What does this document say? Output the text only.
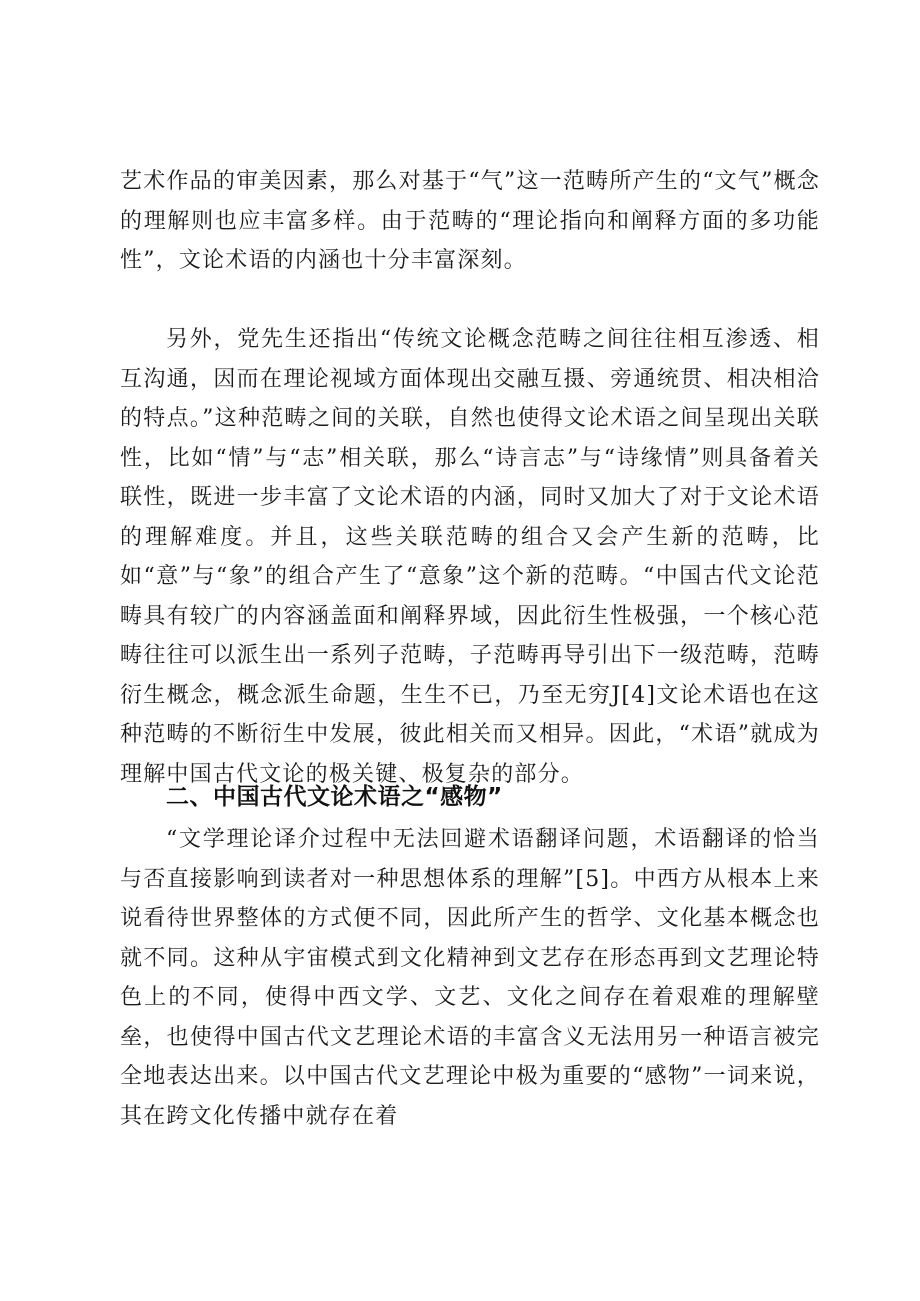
艺术作品的审美因素，那么对基于“气”这一范畴所产生的“文气”概念的理解则也应丰富多样。由于范畴的“理论指向和阐释方面的多功能性”，文论术语的内涵也十分丰富深刻。

另外，党先生还指出“传统文论概念范畴之间往往相互渗透、相互沟通，因而在理论视域方面体现出交融互摄、旁通统贯、相决相洽的特点。”这种范畴之间的关联，自然也使得文论术语之间呈现出关联性，比如“情”与“志”相关联，那么“诗言志”与“诗缘情”则具备着关联性，既进一步丰富了文论术语的内涵，同时又加大了对于文论术语的理解难度。并且，这些关联范畴的组合又会产生新的范畴，比如“意”与“象”的组合产生了“意象”这个新的范畴。“中国古代文论范畴具有较广的内容涵盖面和阐释界域，因此衍生性极强，一个核心范畴往往可以派生出一系列子范畴，子范畴再导引出下一级范畴，范畴衍生概念，概念派生命题，生生不已，乃至无穷J[4]文论术语也在这种范畴的不断衍生中发展，彼此相关而又相异。因此，“术语”就成为理解中国古代文论的极关键、极复杂的部分。

二、中国古代文论术语之“感物”

“文学理论译介过程中无法回避术语翻译问题，术语翻译的恰当与否直接影响到读者对一种思想体系的理解”[5]。中西方从根本上来说看待世界整体的方式便不同，因此所产生的哲学、文化基本概念也就不同。这种从宇宙模式到文化精神到文艺存在形态再到文艺理论特色上的不同，使得中西文学、文艺、文化之间存在着艰难的理解壁垒，也使得中国古代文艺理论术语的丰富含义无法用另一种语言被完全地表达出来。以中国古代文艺理论中极为重要的“感物”一词来说，其在跨文化传播中就存在着
